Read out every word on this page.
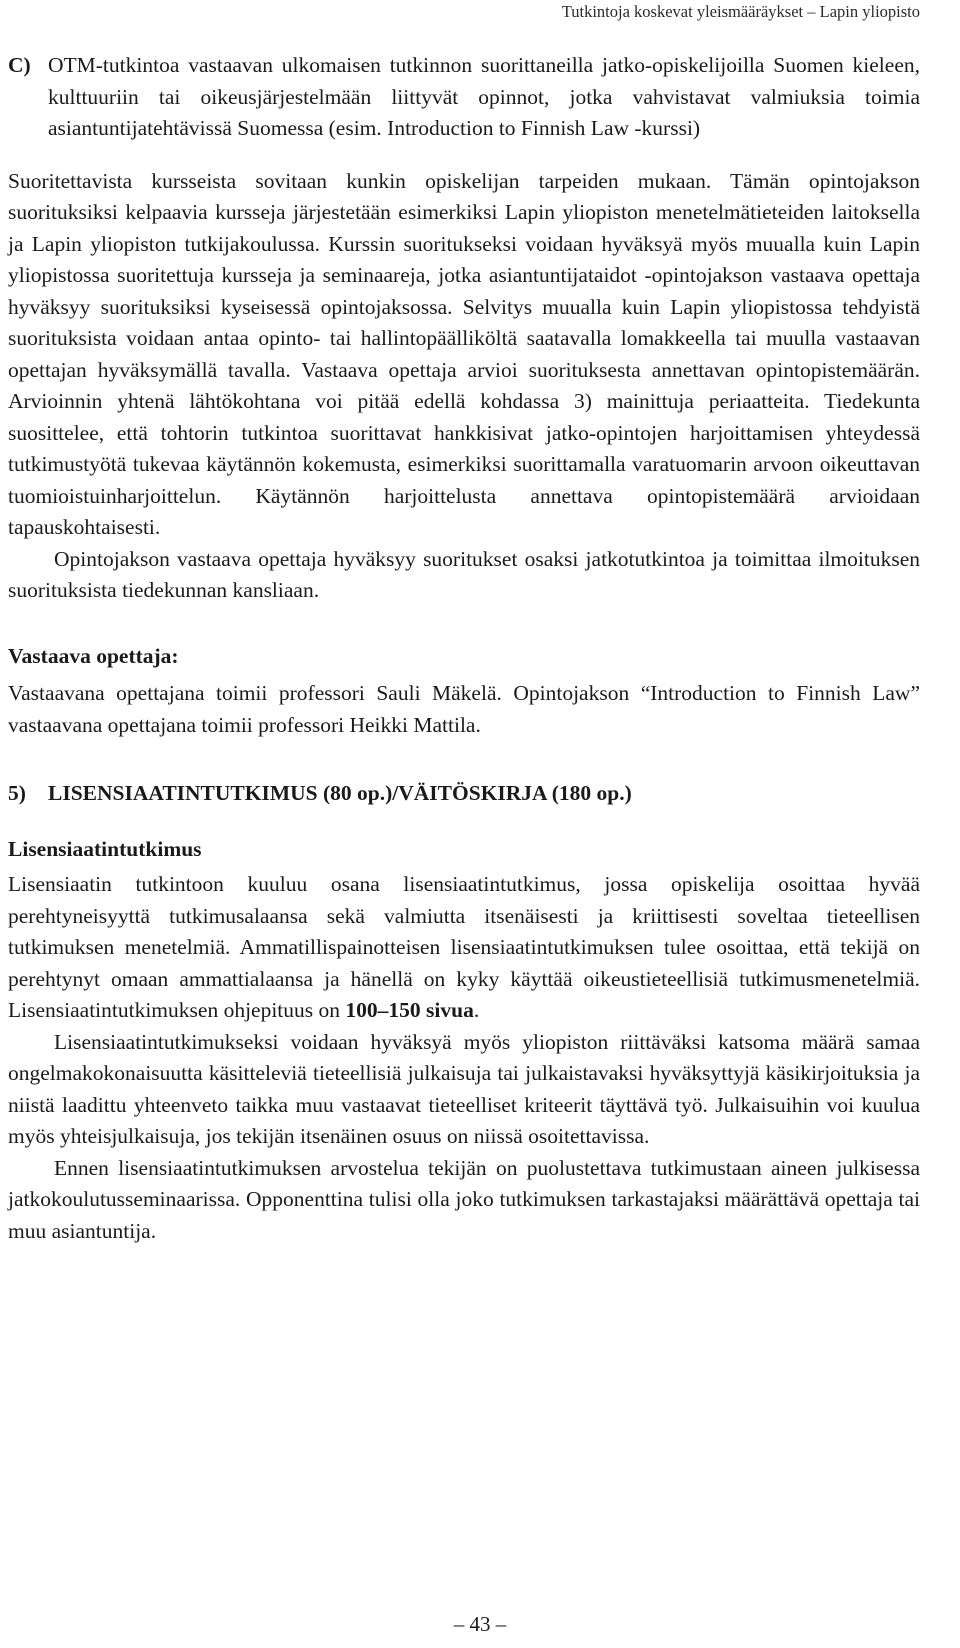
Tutkintoja koskevat yleismääräykset – Lapin yliopisto
C) OTM-tutkintoa vastaavan ulkomaisen tutkinnon suorittaneilla jatko-opiskelijoilla Suomen kieleen, kulttuuriin tai oikeusjärjestelmään liittyvät opinnot, jotka vahvistavat valmiuksia toimia asiantuntijatehtävissä Suomessa (esim. Introduction to Finnish Law -kurssi)

Suoritettavista kursseista sovitaan kunkin opiskelijan tarpeiden mukaan. Tämän opintojakson suorituksiksi kelpaavia kursseja järjestetään esimerkiksi Lapin yliopiston menetelmätieteiden laitoksella ja Lapin yliopiston tutkijakoulussa. Kurssin suoritukseksi voidaan hyväksyä myös muualla kuin Lapin yliopistossa suoritettuja kursseja ja seminaareja, jotka asiantuntijataidot -opintojakson vastaava opettaja hyväksyy suorituksiksi kyseisessä opintojaksossa. Selvitys muualla kuin Lapin yliopistossa tehdyistä suorituksista voidaan antaa opinto- tai hallintopäälliköltä saatavalla lomakkeella tai muulla vastaavan opettajan hyväksymällä tavalla. Vastaava opettaja arvioi suorituksesta annettavan opintopistemäärän. Arvioinnin yhtenä lähtökohtana voi pitää edellä kohdassa 3) mainittuja periaatteita. Tiedekunta suosittelee, että tohtorin tutkintoa suorittavat hankkisivat jatko-opintojen harjoittamisen yhteydessä tutkimustyötä tukevaa käytännön kokemusta, esimerkiksi suorittamalla varatuomarin arvoon oikeuttavan tuomioistuinharjoittelun. Käytännön harjoittelusta annettava opintopistemäärä arvioidaan tapauskohtaisesti.

Opintojakson vastaava opettaja hyväksyy suoritukset osaksi jatkotutkintoa ja toimittaa ilmoituksen suorituksista tiedekunnan kansliaan.

Vastaava opettaja:

Vastaavana opettajana toimii professori Sauli Mäkelä. Opintojakson “Introduction to Finnish Law” vastaavana opettajana toimii professori Heikki Mattila.

5)	LISENSIAATINTUTKIMUS (80 op.)/VÄITÖSKIRJA (180 op.)

Lisensiaatintutkimus

Lisensiaatin tutkintoon kuuluu osana lisensiaatintutkimus, jossa opiskelija osoittaa hyvää perehtyneisyyttä tutkimusalaansa sekä valmiutta itsenäisesti ja kriittisesti soveltaa tieteellisen tutkimuksen menetelmiä. Ammatillispainotteisen lisensiaatintutkimuksen tulee osoittaa, että tekijä on perehtynyt omaan ammattialaansa ja hänellä on kyky käyttää oikeustieteellisiä tutkimusmenetelmiä. Lisensiaatintutkimuksen ohjepituus on 100–150 sivua.

Lisensiaatintutkimukseksi voidaan hyväksyä myös yliopiston riittäväksi katsoma määrä samaa ongelmakokonaisuutta käsitteleviä tieteellisiä julkaisuja tai julkaistavaksi hyväksyttyjä käsikirjoituksia ja niistä laadittu yhteenveto taikka muu vastaavat tieteelliset kriteerit täyttävä työ. Julkaisuihin voi kuulua myös yhteisjulkaisuja, jos tekijän itsenäinen osuus on niissä osoitettavissa.

Ennen lisensiaatintutkimuksen arvostelua tekijän on puolustettava tutkimustaan aineen julkisessa jatkokoulutusseminaarissa. Opponenttina tulisi olla joko tutkimuksen tarkastajaksi määrättävä opettaja tai muu asiantuntija.

– 43 –
